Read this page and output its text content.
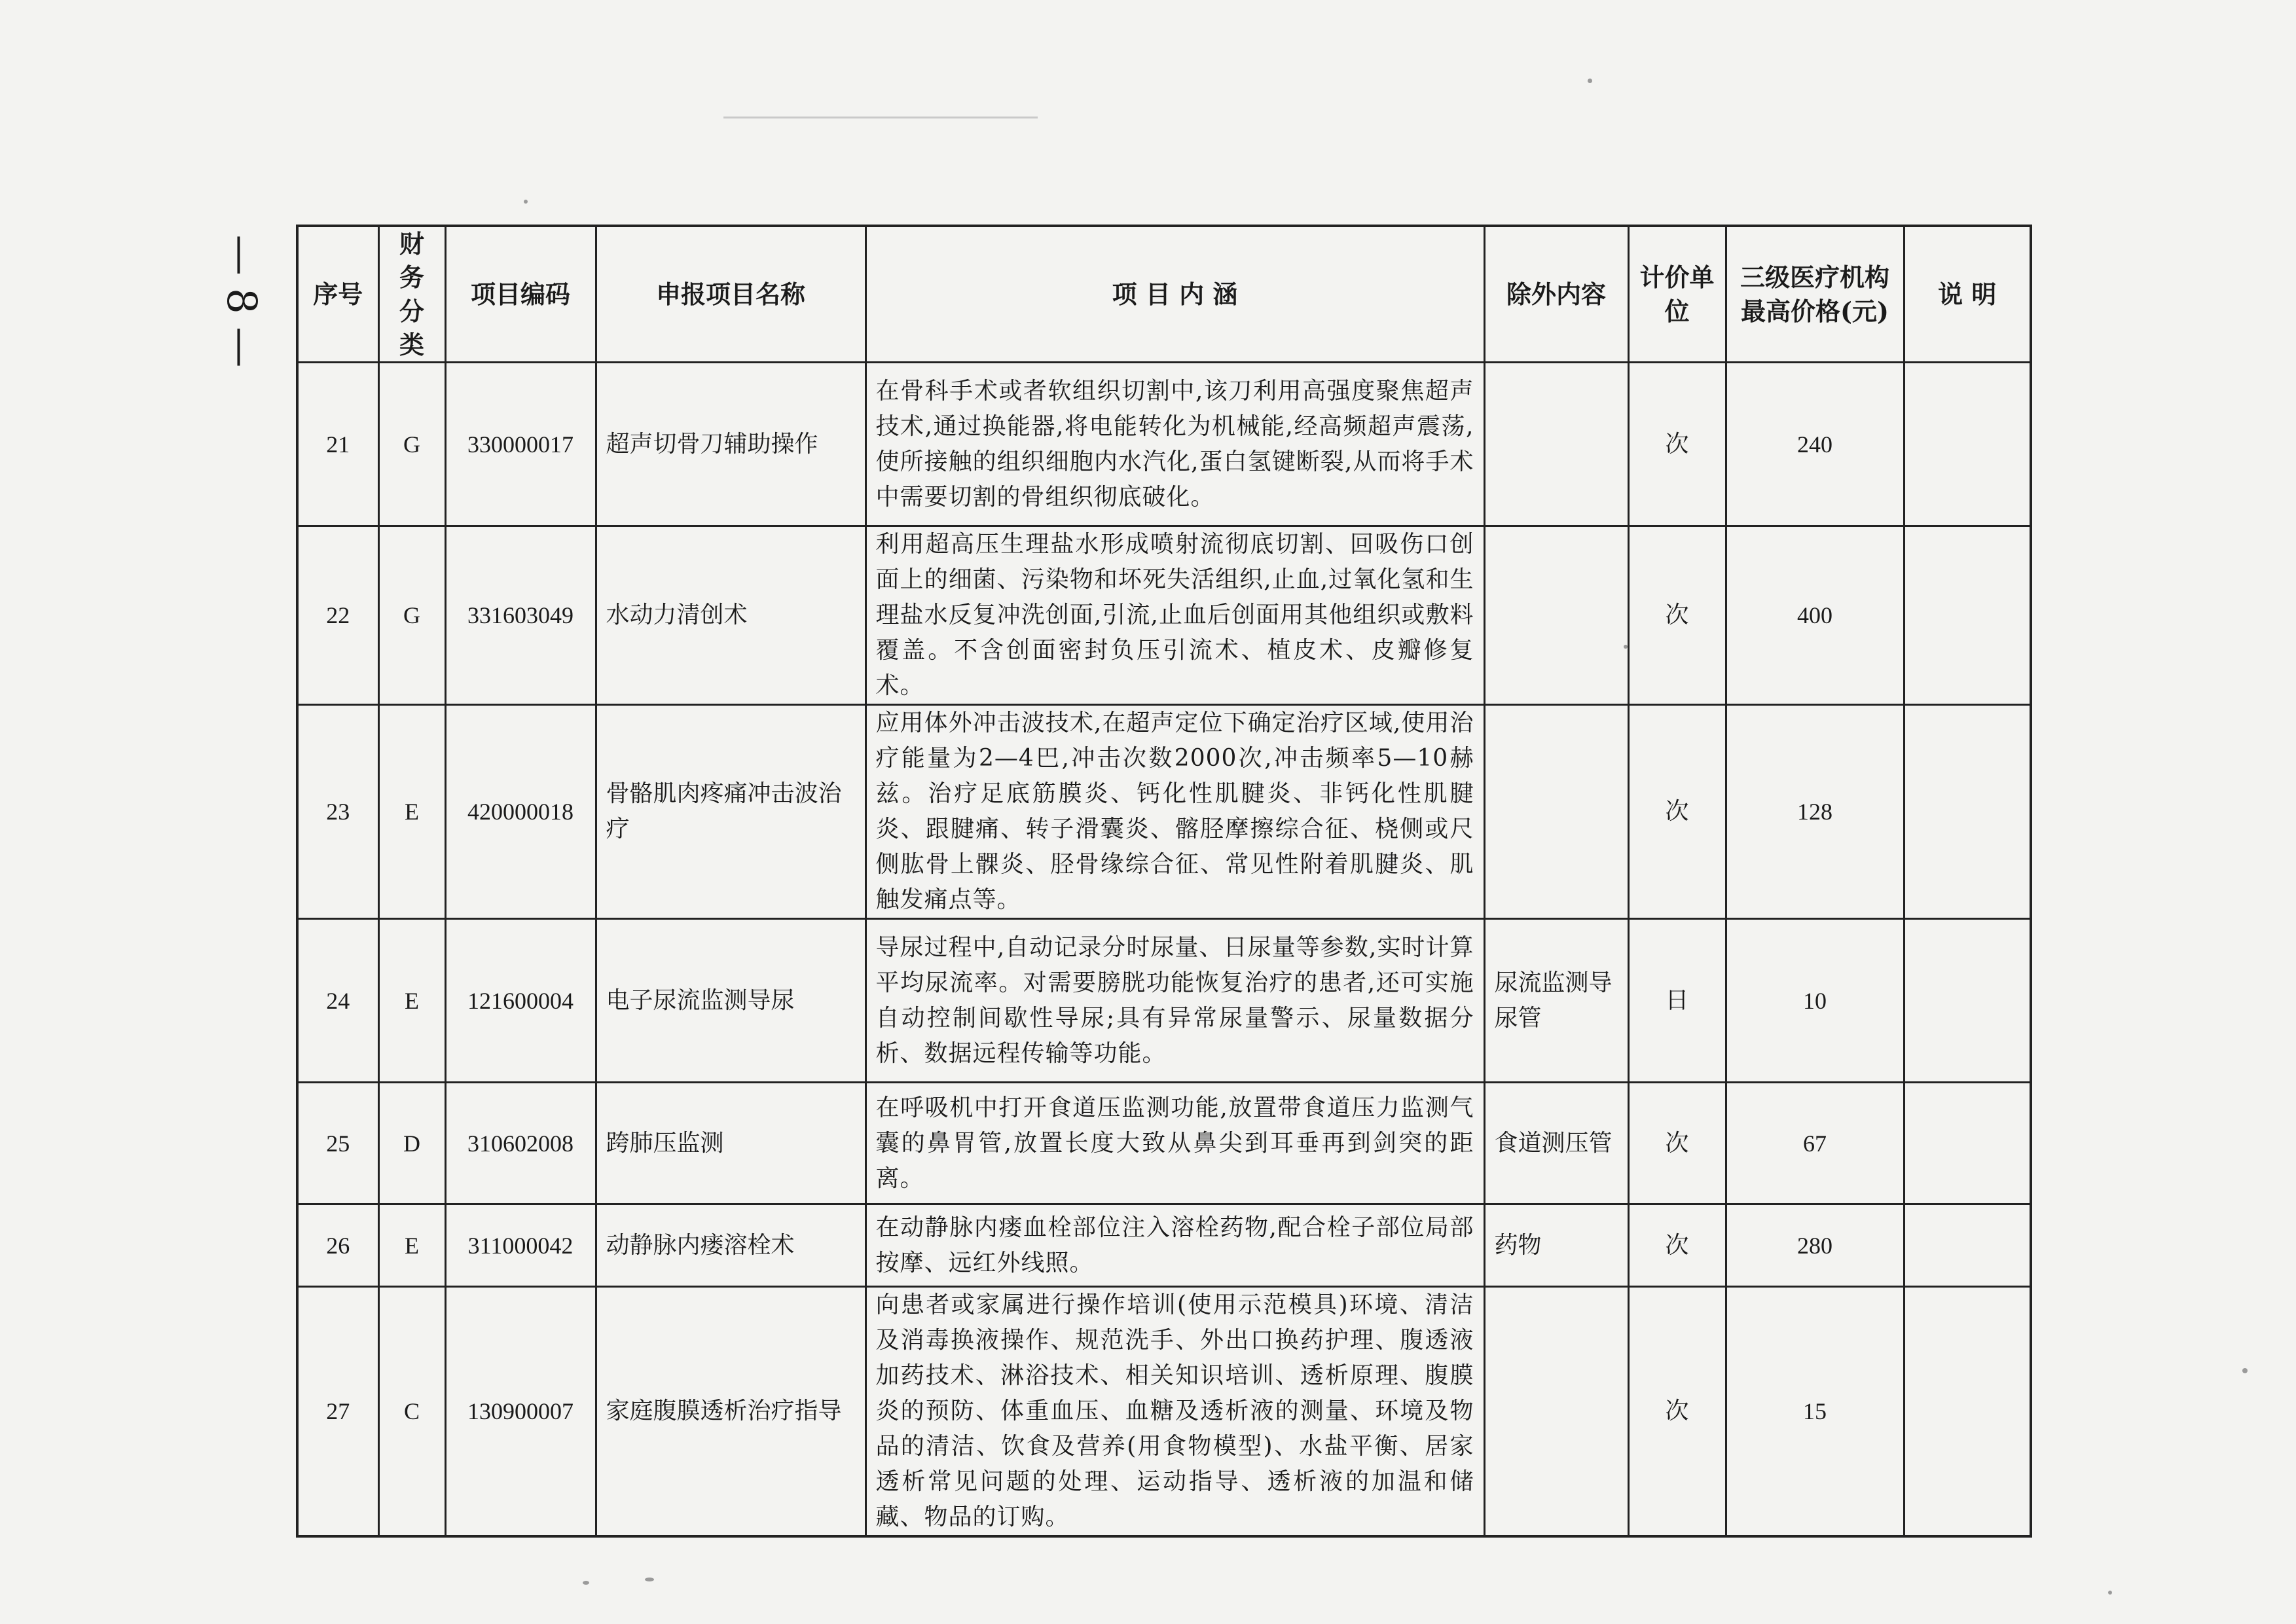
— 8 — 序号	财务分类	项目编码	申报项目名称	项 目 内 涵	除外内容	计价单位	三级医疗机构最高价格(元)	说 明
21	G	330000017	超声切骨刀辅助操作	在骨科手术或者软组织切割中,该刀利用高强度聚焦超声技术,通过换能器,将电能转化为机械能,经高频超声震荡,使所接触的组织细胞内水汽化,蛋白氢键断裂,从而将手术中需要切割的骨组织彻底破化。		次	240	
22	G	331603049	水动力清创术	利用超高压生理盐水形成喷射流彻底切割、回吸伤口创面上的细菌、污染物和坏死失活组织,止血,过氧化氢和生理盐水反复冲洗创面,引流,止血后创面用其他组织或敷料覆盖。不含创面密封负压引流术、植皮术、皮瓣修复术。		次	400	
23	E	420000018	骨骼肌肉疼痛冲击波治疗	应用体外冲击波技术,在超声定位下确定治疗区域,使用治疗能量为2—4巴,冲击次数2000次,冲击频率5—10赫兹。治疗足底筋膜炎、钙化性肌腱炎、非钙化性肌腱炎、跟腱痛、转子滑囊炎、髂胫摩擦综合征、桡侧或尺侧肱骨上髁炎、胫骨缘综合征、常见性附着肌腱炎、肌触发痛点等。		次	128	
24	E	121600004	电子尿流监测导尿	导尿过程中,自动记录分时尿量、日尿量等参数,实时计算平均尿流率。对需要膀胱功能恢复治疗的患者,还可实施自动控制间歇性导尿;具有异常尿量警示、尿量数据分析、数据远程传输等功能。	尿流监测导尿管	日	10	
25	D	310602008	跨肺压监测	在呼吸机中打开食道压监测功能,放置带食道压力监测气囊的鼻胃管,放置长度大致从鼻尖到耳垂再到剑突的距离。	食道测压管	次	67	
26	E	311000042	动静脉内瘘溶栓术	在动静脉内瘘血栓部位注入溶栓药物,配合栓子部位局部按摩、远红外线照。	药物	次	280	
27	C	130900007	家庭腹膜透析治疗指导	向患者或家属进行操作培训(使用示范模具)环境、清洁及消毒换液操作、规范洗手、外出口换药护理、腹透液加药技术、淋浴技术、相关知识培训、透析原理、腹膜炎的预防、体重血压、血糖及透析液的测量、环境及物品的清洁、饮食及营养(用食物模型)、水盐平衡、居家透析常见问题的处理、运动指导、透析液的加温和储藏、物品的订购。		次	15	
